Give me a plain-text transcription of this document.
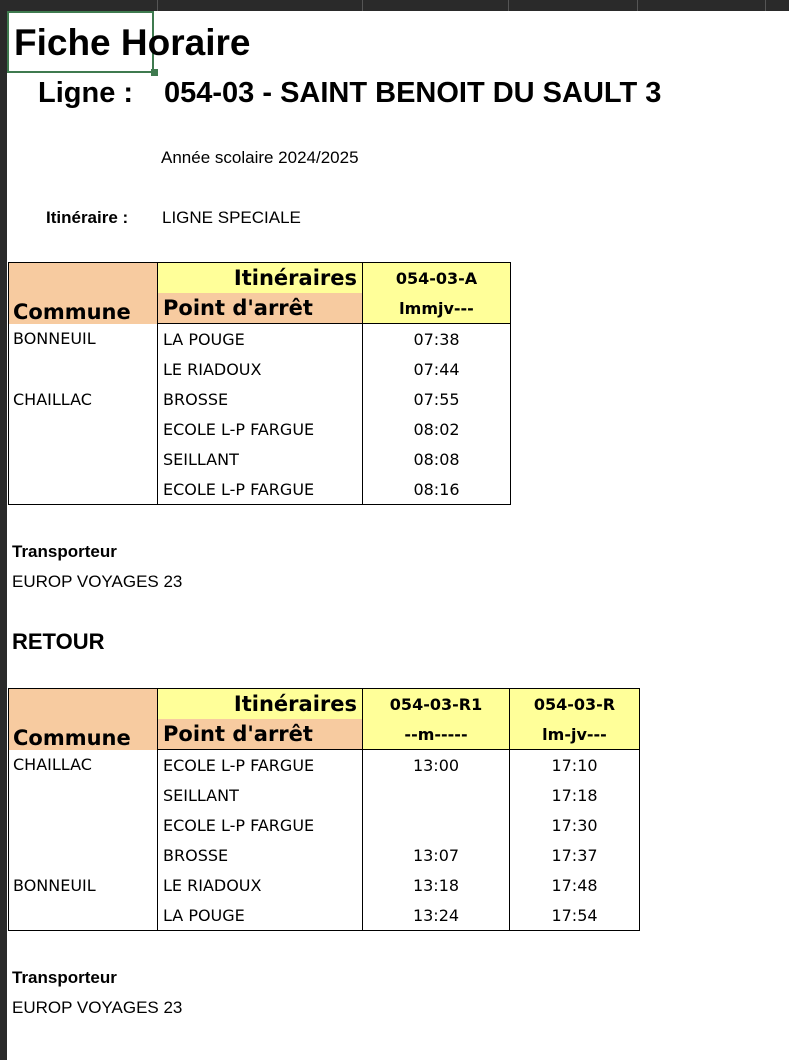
Fiche Horaire
Ligne : 054-03 - SAINT BENOIT DU SAULT 3
Année scolaire 2024/2025
Itinéraire : LIGNE SPECIALE
Commune	Itinéraires	054-03-A
	Point d'arrêt	lmmjv---
BONNEUIL	LA POUGE	07:38
	LE RIADOUX	07:44
CHAILLAC	BROSSE	07:55
	ECOLE L-P FARGUE	08:02
	SEILLANT	08:08
	ECOLE L-P FARGUE	08:16
Transporteur
EUROP VOYAGES 23
RETOUR
Commune	Itinéraires	054-03-R1	054-03-R
	Point d'arrêt	--m-----	lm-jv---
CHAILLAC	ECOLE L-P FARGUE	13:00	17:10
	SEILLANT		17:18
	ECOLE L-P FARGUE		17:30
	BROSSE	13:07	17:37
BONNEUIL	LE RIADOUX	13:18	17:48
	LA POUGE	13:24	17:54
Transporteur
EUROP VOYAGES 23
